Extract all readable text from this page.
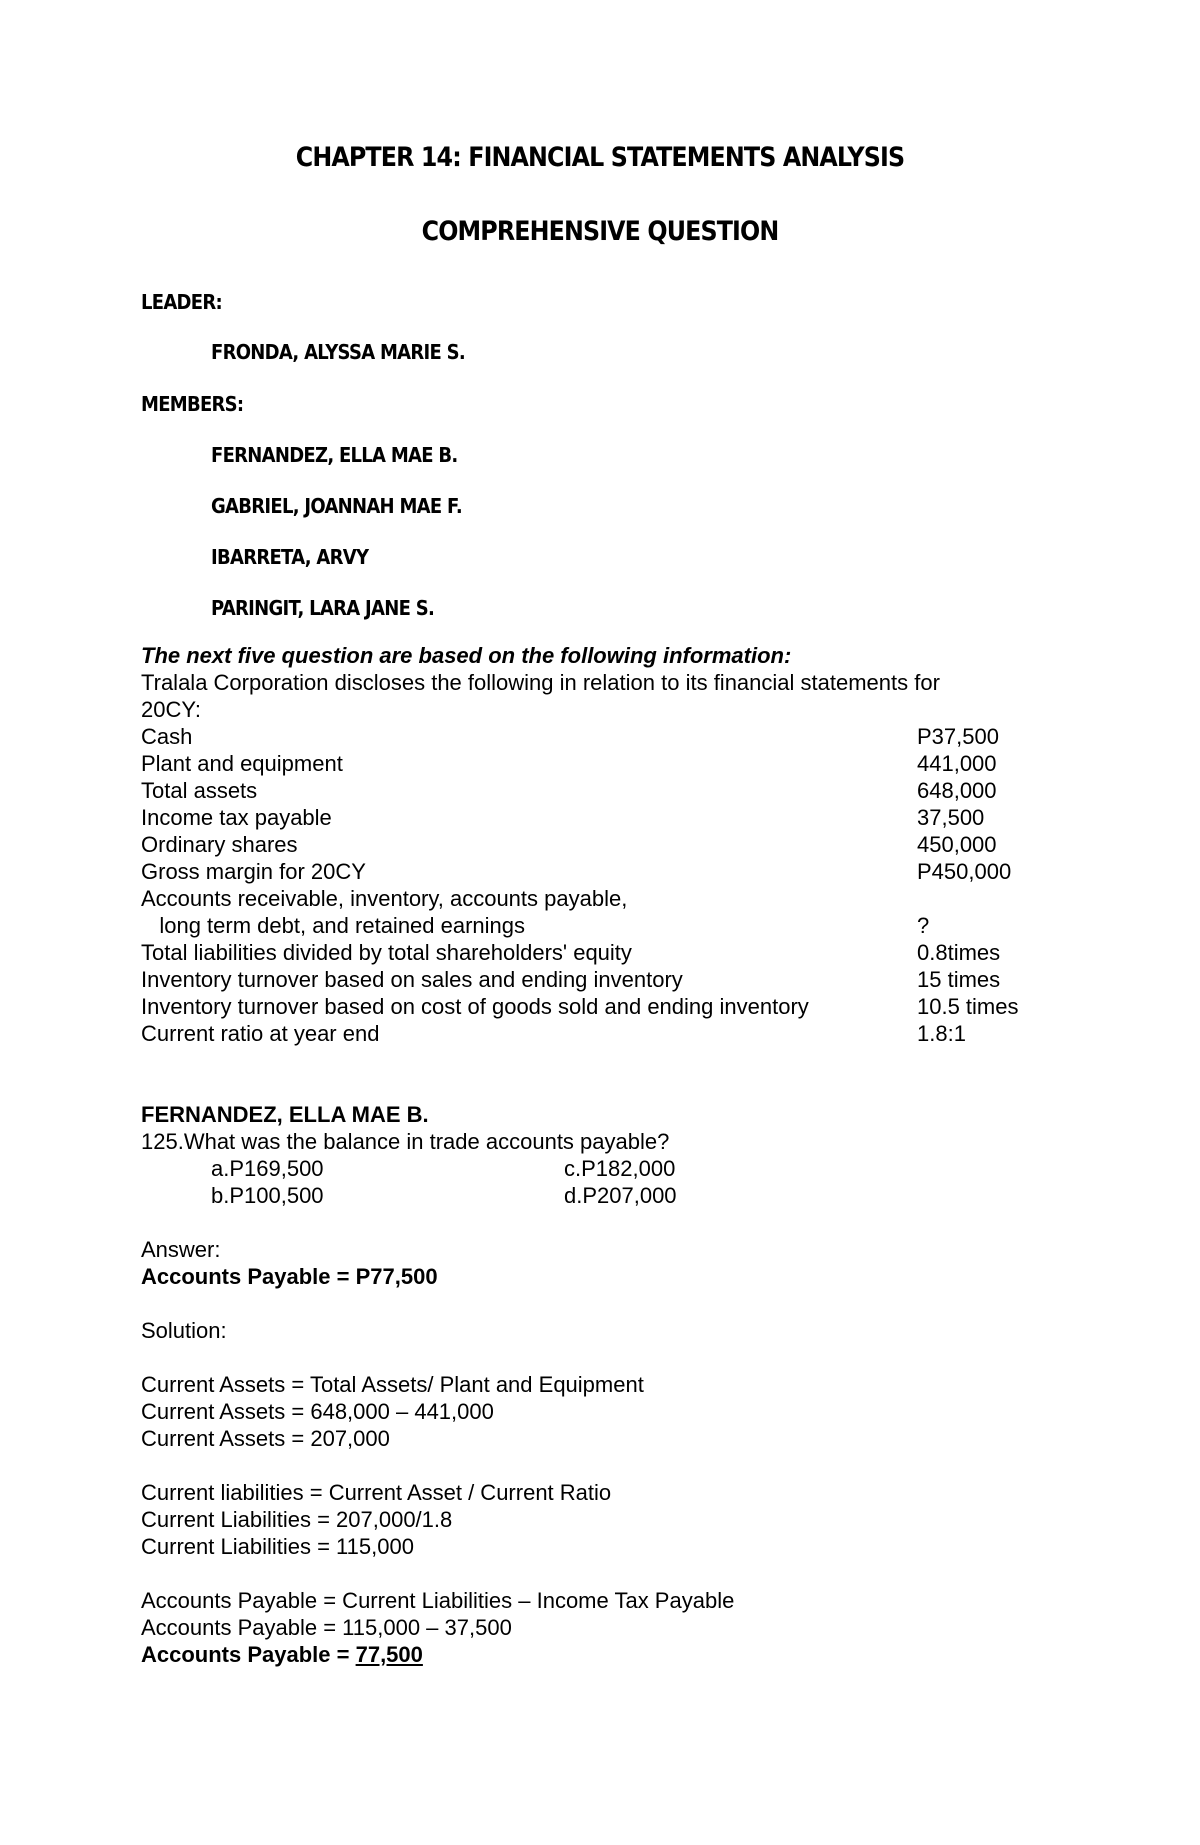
CHAPTER 14: FINANCIAL STATEMENTS ANALYSIS
COMPREHENSIVE QUESTION
LEADER:
FRONDA, ALYSSA MARIE S.
MEMBERS:
FERNANDEZ, ELLA MAE B.
GABRIEL, JOANNAH MAE F.
IBARRETA, ARVY
PARINGIT, LARA JANE S.
The next five question are based on the following information:
Tralala Corporation discloses the following in relation to its financial statements for
20CY:
Cash	P37,500
Plant and equipment	441,000
Total assets	648,000
Income tax payable	37,500
Ordinary shares	450,000
Gross margin for 20CY	P450,000
Accounts receivable, inventory, accounts payable,
long term debt, and retained earnings	?
Total liabilities divided by total shareholders' equity	0.8times
Inventory turnover based on sales and ending inventory	15 times
Inventory turnover based on cost of goods sold and ending inventory	10.5 times
Current ratio at year end	1.8:1
FERNANDEZ, ELLA MAE B.
125.What was the balance in trade accounts payable?
a.P169,500	c.P182,000
b.P100,500	d.P207,000
Answer:
Accounts Payable = P77,500
Solution:
Current Assets = Total Assets/ Plant and Equipment
Current Assets = 648,000 – 441,000
Current Assets = 207,000
Current liabilities = Current Asset / Current Ratio
Current Liabilities = 207,000/1.8
Current Liabilities = 115,000
Accounts Payable = Current Liabilities – Income Tax Payable
Accounts Payable = 115,000 – 37,500
Accounts Payable = 77,500
